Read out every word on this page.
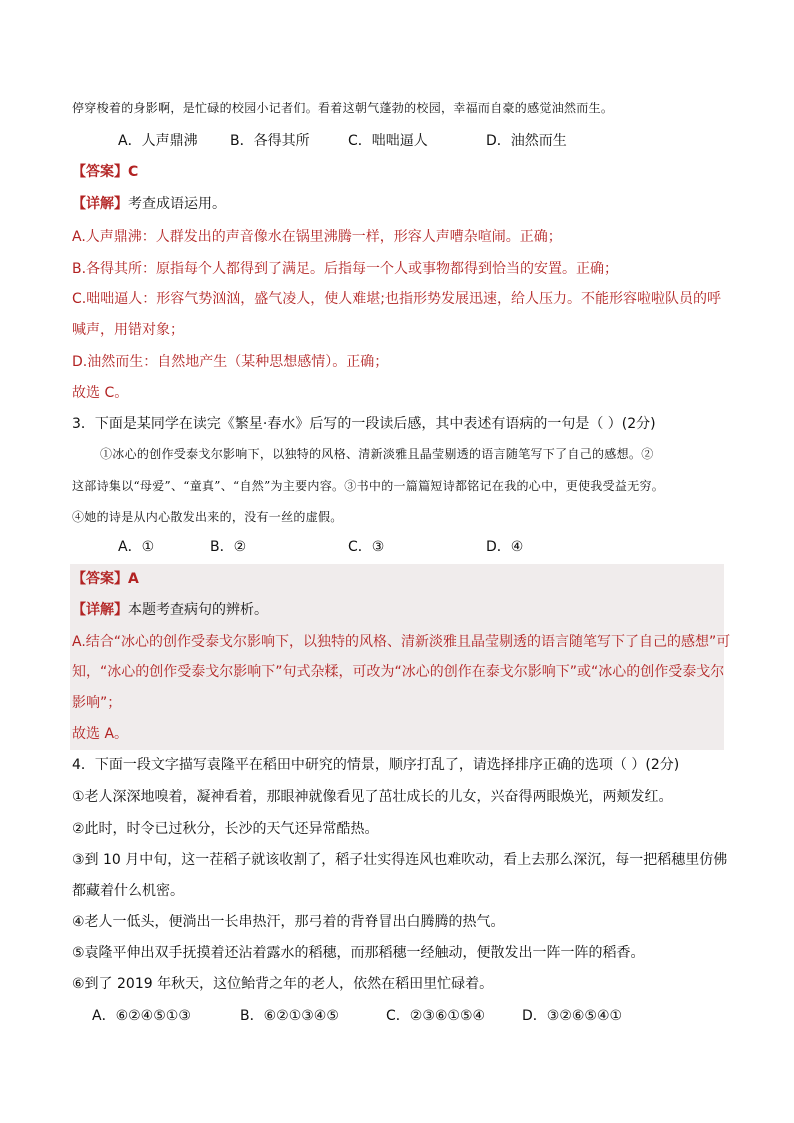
停穿梭着的身影啊，是忙碌的校园小记者们。看着这朝气蓬勃的校园，幸福而自豪的感觉油然而生。
A．人声鼎沸 B．各得其所	C．咄咄逼人	D．油然而生
【答案】C
【详解】考查成语运用。
A.人声鼎沸：人群发出的声音像水在锅里沸腾一样，形容人声嘈杂喧闹。正确；
B.各得其所：原指每个人都得到了满足。后指每一个人或事物都得到恰当的安置。正确；
C.咄咄逼人：形容气势汹汹，盛气凌人，使人难堪;也指形势发展迅速，给人压力。不能形容啦啦队员的呼
喊声，用错对象；
D.油然而生：自然地产生（某种思想感情）。正确；
故选 C。
3．下面是某同学在读完《繁星·春水》后写的一段读后感，其中表述有语病的一句是（ ）(2分)
①冰心的创作受泰戈尔影响下，以独特的风格、清新淡雅且晶莹剔透的语言随笔写下了自己的感想。②
这部诗集以“母爱”、“童真”、“自然”为主要内容。③书中的一篇篇短诗都铭记在我的心中，更使我受益无穷。
④她的诗是从内心散发出来的，没有一丝的虚假。
A．①	B．②	C．③	D．④
【答案】A
【详解】本题考查病句的辨析。
A.结合“冰心的创作受泰戈尔影响下，以独特的风格、清新淡雅且晶莹剔透的语言随笔写下了自己的感想”可
知，“冰心的创作受泰戈尔影响下”句式杂糅，可改为“冰心的创作在泰戈尔影响下”或“冰心的创作受泰戈尔
影响”；
故选 A。
4．下面一段文字描写袁隆平在稻田中研究的情景，顺序打乱了，请选择排序正确的选项（ ）(2分)
①老人深深地嗅着，凝神看着，那眼神就像看见了茁壮成长的儿女，兴奋得两眼焕光，两颊发红。
②此时，时令已过秋分，长沙的天气还异常酷热。
③到 10 月中旬，这一茬稻子就该收割了，稻子壮实得连风也难吹动，看上去那么深沉，每一把稻穗里仿佛
都藏着什么机密。
④老人一低头，便淌出一长串热汗，那弓着的背脊冒出白腾腾的热气。
⑤袁隆平伸出双手抚摸着还沾着露水的稻穗，而那稻穗一经触动，便散发出一阵一阵的稻香。
⑥到了 2019 年秋天，这位鲐背之年的老人，依然在稻田里忙碌着。
A．⑥②④⑤①③	B．⑥②①③④⑤	C．②③⑥①⑤④	D．③②⑥⑤④①
